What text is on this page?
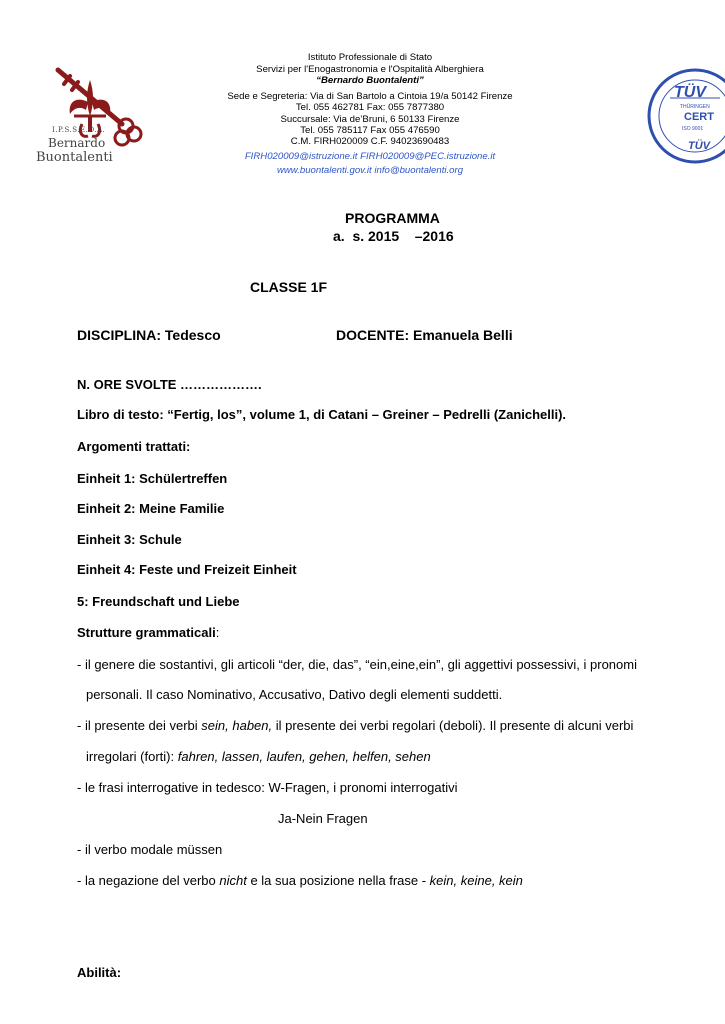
I.P.S.S.E.O.A.
Bernardo
Buontalenti
Istituto Professionale di Stato
Servizi per l'Enogastronomia e l'Ospitalità Alberghiera
“Bernardo Buontalenti”
Sede e Segreteria: Via di San Bartolo a Cintoia 19/a 50142 Firenze
Tel. 055 462781 Fax: 055 7877380
Succursale: Via de’Bruni, 6 50133 Firenze
Tel. 055 785117 Fax 055 476590
C.M. FIRH020009 C.F. 94023690483
FIRH020009@istruzione.it FIRH020009@PEC.istruzione.it
www.buontalenti.gov.it info@buontalenti.org
TÜV
THÜRINGEN
CERT
ISO 9001
TÜV
PROGRAMMA
a.  s. 2015    –2016
CLASSE 1F
DISCIPLINA: Tedesco	DOCENTE: Emanuela Belli
N. ORE SVOLTE ……………….
Libro di testo: “Fertig, los”, volume 1, di Catani – Greiner – Pedrelli (Zanichelli).
Argomenti trattati:
Einheit 1: Schülertreffen
Einheit 2: Meine Familie
Einheit 3: Schule
Einheit 4: Feste und Freizeit Einheit
5: Freundschaft und Liebe
Strutture grammaticali:
- il genere die sostantivi, gli articoli “der, die, das”, “ein,eine,ein”, gli aggettivi possessivi, i pronomi
personali. Il caso Nominativo, Accusativo, Dativo degli elementi suddetti.
- il presente dei verbi sein, haben, il presente dei verbi regolari (deboli). Il presente di alcuni verbi
irregolari (forti): fahren, lassen, laufen, gehen, helfen, sehen
- le frasi interrogative in tedesco: W-Fragen, i pronomi interrogativi
Ja-Nein Fragen
- il verbo modale müssen
- la negazione del verbo nicht e la sua posizione nella frase - kein, keine, kein
Abilità:
